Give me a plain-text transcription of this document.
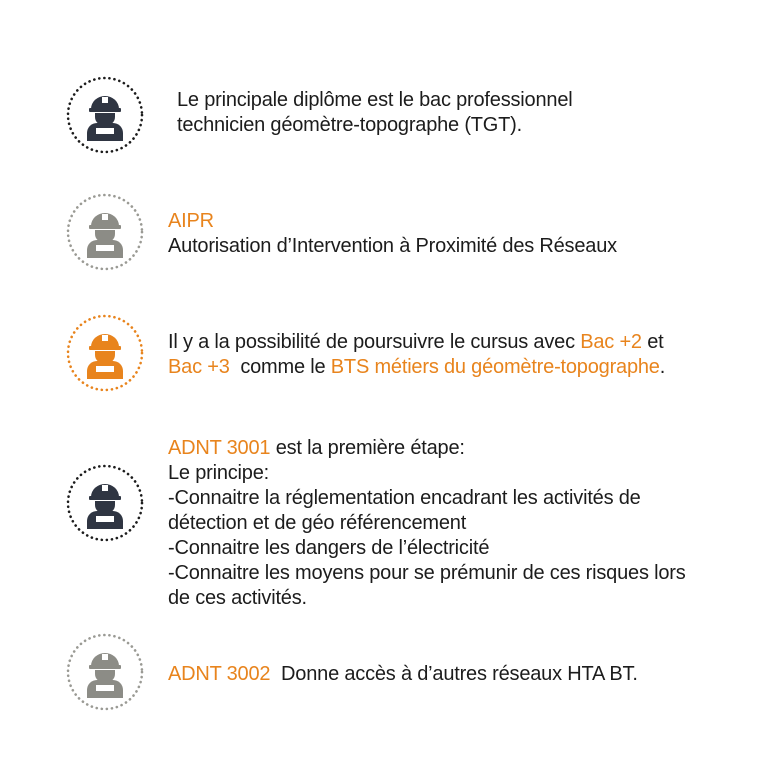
Le principale diplôme est le bac professionnel
technicien géomètre-topographe (TGT).
AIPR
Autorisation d’Intervention à Proximité des Réseaux
Il y a la possibilité de poursuivre le cursus avec Bac +2 et
Bac +3  comme le BTS métiers du géomètre-topographe.
ADNT 3001 est la première étape:
Le principe:
-Connaitre la réglementation encadrant les activités de
détection et de géo référencement
-Connaitre les dangers de l’électricité
-Connaitre les moyens pour se prémunir de ces risques lors
de ces activités.
ADNT 3002  Donne accès à d’autres réseaux HTA BT.
